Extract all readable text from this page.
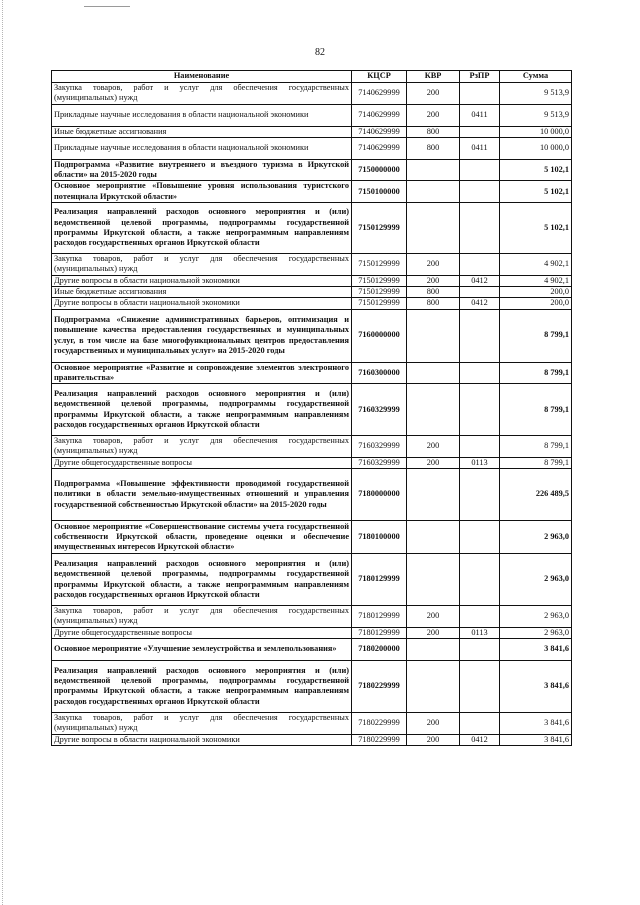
82
Наименование	КЦСР	КВР	РзПР	Сумма
Закупка товаров, работ и услуг для обеспечения государственных (муниципальных) нужд	7140629999	200		9 513,9
Прикладные научные исследования в области национальной экономики	7140629999	200	0411	9 513,9
Иные бюджетные ассигнования	7140629999	800		10 000,0
Прикладные научные исследования в области национальной экономики	7140629999	800	0411	10 000,0
Подпрограмма «Развитие внутреннего и въездного туризма в Иркутской области» на 2015-2020 годы	7150000000			5 102,1
Основное мероприятие «Повышение уровня использования туристского потенциала Иркутской области»	7150100000			5 102,1
Реализация направлений расходов основного мероприятия и (или) ведомственной целевой программы, подпрограммы государственной программы Иркутской области, а также непрограммным направлениям расходов государственных органов Иркутской области	7150129999			5 102,1
Закупка товаров, работ и услуг для обеспечения государственных (муниципальных) нужд	7150129999	200		4 902,1
Другие вопросы в области национальной экономики	7150129999	200	0412	4 902,1
Иные бюджетные ассигнования	7150129999	800		200,0
Другие вопросы в области национальной экономики	7150129999	800	0412	200,0
Подпрограмма «Снижение административных барьеров, оптимизация и повышение качества предоставления государственных и муниципальных услуг, в том числе на базе многофункциональных центров предоставления государственных и муниципальных услуг» на 2015-2020 годы	7160000000			8 799,1
Основное мероприятие «Развитие и сопровождение элементов электронного правительства»	7160300000			8 799,1
Реализация направлений расходов основного мероприятия и (или) ведомственной целевой программы, подпрограммы государственной программы Иркутской области, а также непрограммным направлениям расходов государственных органов Иркутской области	7160329999			8 799,1
Закупка товаров, работ и услуг для обеспечения государственных (муниципальных) нужд	7160329999	200		8 799,1
Другие общегосударственные вопросы	7160329999	200	0113	8 799,1
Подпрограмма «Повышение эффективности проводимой государственной политики в области земельно-имущественных отношений и управления государственной собственностью Иркутской области» на 2015-2020 годы	7180000000			226 489,5
Основное мероприятие «Совершенствование системы учета государственной собственности Иркутской области, проведение оценки и обеспечение имущественных интересов Иркутской области»	7180100000			2 963,0
Реализация направлений расходов основного мероприятия и (или) ведомственной целевой программы, подпрограммы государственной программы Иркутской области, а также непрограммным направлениям расходов государственных органов Иркутской области	7180129999			2 963,0
Закупка товаров, работ и услуг для обеспечения государственных (муниципальных) нужд	7180129999	200		2 963,0
Другие общегосударственные вопросы	7180129999	200	0113	2 963,0
Основное мероприятие «Улучшение землеустройства и землепользования»	7180200000			3 841,6
Реализация направлений расходов основного мероприятия и (или) ведомственной целевой программы, подпрограммы государственной программы Иркутской области, а также непрограммным направлениям расходов государственных органов Иркутской области	7180229999			3 841,6
Закупка товаров, работ и услуг для обеспечения государственных (муниципальных) нужд	7180229999	200		3 841,6
Другие вопросы в области национальной экономики	7180229999	200	0412	3 841,6
